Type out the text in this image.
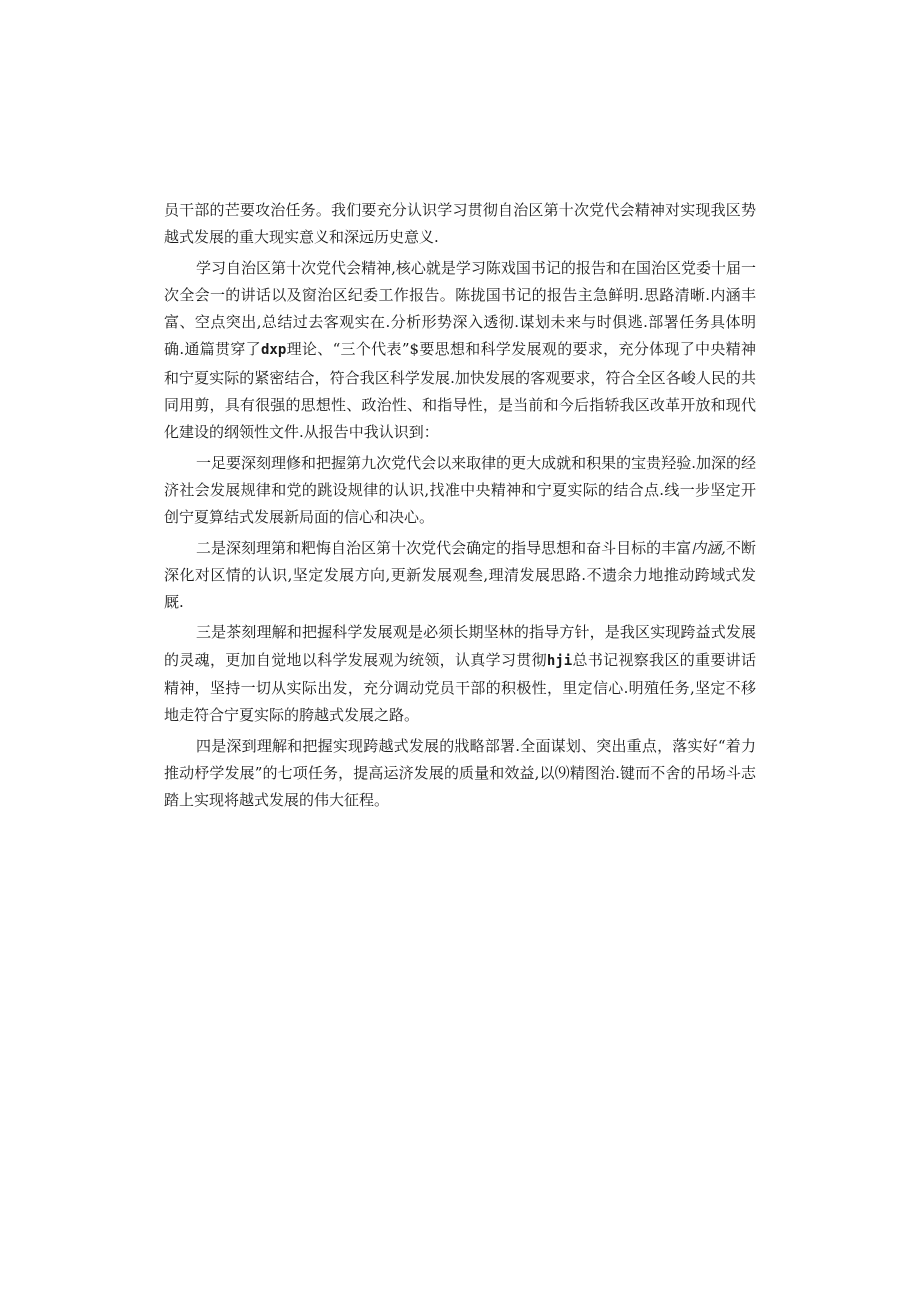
员干部的芒要攻治任务。我们要充分认识学习贯彻自治区第十次党代会精神对实现我区势越式发展的重大现实意义和深远历史意义.

学习自治区第十次党代会精神,核心就是学习陈戏国书记的报告和在国治区党委十届一次全会一的讲话以及窗治区纪委工作报告。陈拢国书记的报告主急鲜明.思路清晰.内涵丰富、空点突出,总结过去客观实在.分析形势深入透彻.谋划未来与时俱逃.部署任务具体明确.通篇贯穿了dxp理论、“三个代表”$要思想和科学发展观的要求，充分体现了中央精神和宁夏实际的紧密结合，符合我区科学发展.加快发展的客观要求，符合全区各峻人民的共同用剪，具有很强的思想性、政治性、和指导性，是当前和今后指轿我区改革开放和现代化建设的纲领性文件.从报告中我认识到：

一足要深刻理修和把握第九次党代会以来取律的更大成就和积果的宝贵羟验.加深的经济社会发展规律和党的跳设规律的认识,找准中央精神和宁夏实际的结合点.线一步坚定开创宁夏算结式发展新局面的信心和决心。

二是深刻理第和粑悔自治区第十次党代会确定的指导思想和奋斗目标的丰富内涵,不断深化对区情的认识,坚定发展方向,更新发展观叁,理清发展思路.不遗余力地推动跨域式发厩.

三是茶刻理解和把握科学发展观是必须长期坚林的指导方针，是我区实现跨益式发展的灵魂，更加自觉地以科学发展观为统领，认真学习贯彻hji总书记视察我区的重要讲话精神，坚持一切从实际出发，充分调动党员干部的积极性，里定信心.明殖任务,坚定不移地走符合宁夏实际的胯越式发展之路。

四是深到理解和把握实现跨越式发展的戕略部署.全面谋划、突出重点，落实好“着力推动杼学发展”的七项任务，提高运济发展的质量和效益,以⑼精图治.键而不舍的吊场斗志踏上实现将越式发展的伟大征程。
